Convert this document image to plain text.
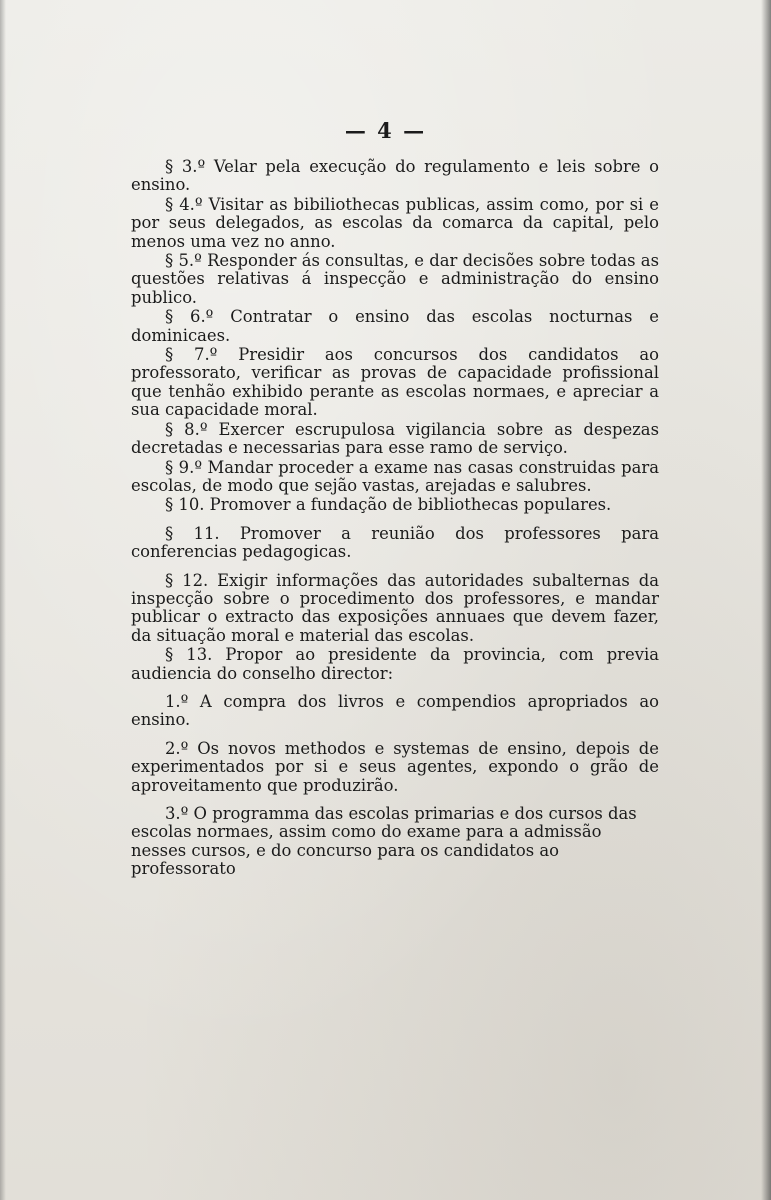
— 4 —

§ 3.º Velar pela execução do regulamento e leis sobre o ensino.

§ 4.º Visitar as bibiliothecas publicas, assim como, por si e por seus delegados, as escolas da comarca da capital, pelo menos uma vez no anno.

§ 5.º Responder ás consultas, e dar decisões sobre todas as questões relativas á inspecção e administração do ensino publico.

§ 6.º Contratar o ensino das escolas nocturnas e dominicaes.

§ 7.º Presidir aos concursos dos candidatos ao professorato, verificar as provas de capacidade profissional que tenhão exhibido perante as escolas normaes, e apreciar a sua capacidade moral.

§ 8.º Exercer escrupulosa vigilancia sobre as despezas decretadas e necessarias para esse ramo de serviço.

§ 9.º Mandar proceder a exame nas casas construidas para escolas, de modo que sejão vastas, arejadas e salubres.

§ 10. Promover a fundação de bibliothecas populares.

§ 11. Promover a reunião dos professores para conferencias pedagogicas.

§ 12. Exigir informações das autoridades subalternas da inspecção sobre o procedimento dos professores, e mandar publicar o extracto das exposições annuaes que devem fazer, da situação moral e material das escolas.

§ 13. Propor ao presidente da provincia, com previa audiencia do conselho director:

1.º A compra dos livros e compendios apropriados ao ensino.

2.º Os novos methodos e systemas de ensino, depois de experimentados por si e seus agentes, expondo o grão de aproveitamento que produzirão.

3.º O programma das escolas primarias e dos cursos das escolas normaes, assim como do exame para a admissão nesses cursos, e do concurso para os candidatos ao professorato
